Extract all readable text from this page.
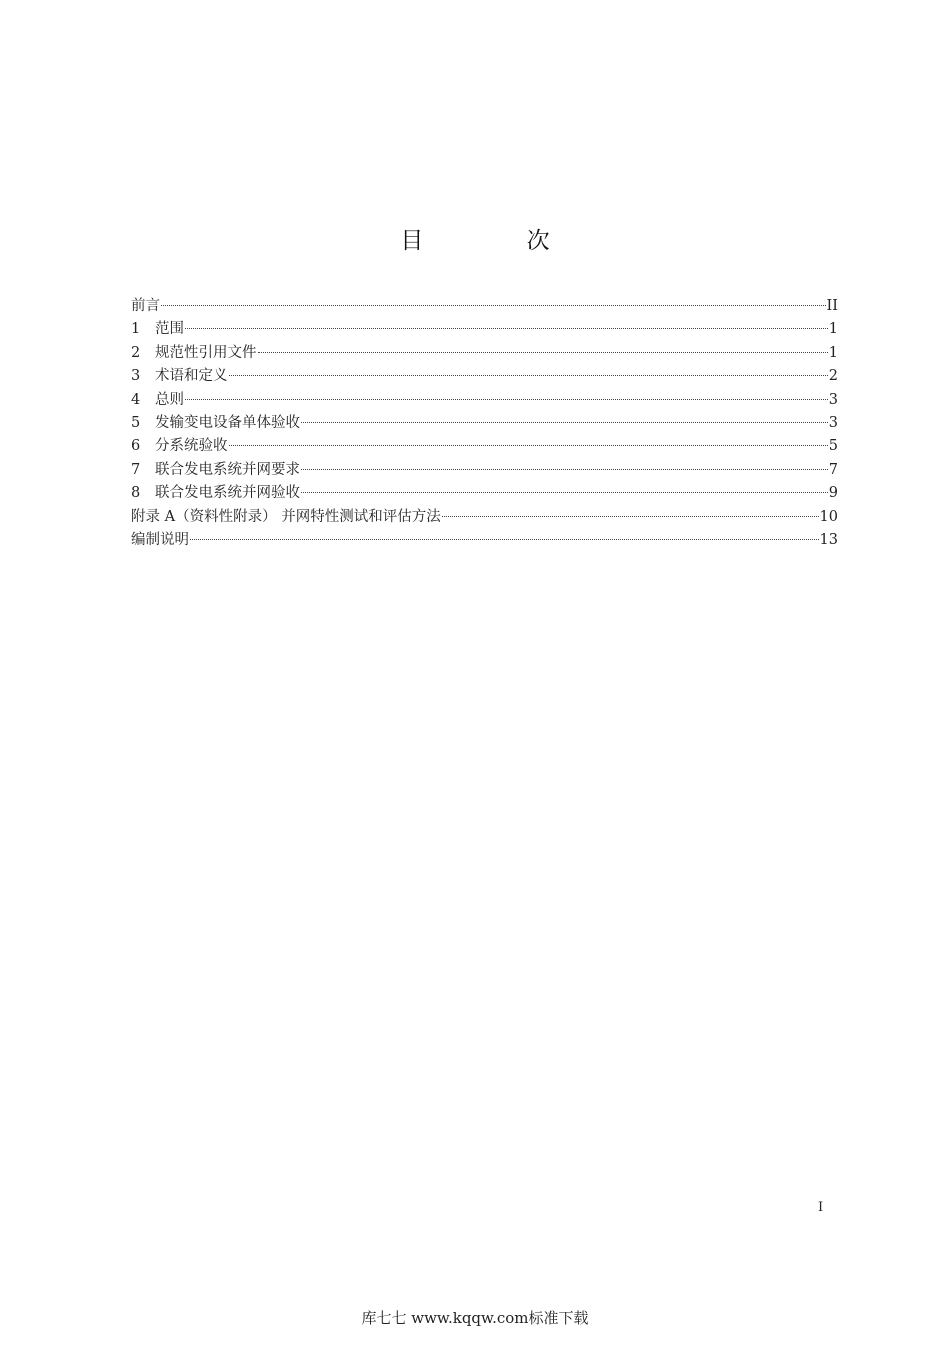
目 次
前言	II
1	范围	1
2	规范性引用文件	1
3	术语和定义	2
4	总则	3
5	发输变电设备单体验收	3
6	分系统验收	5
7	联合发电系统并网要求	7
8	联合发电系统并网验收	9
附录 A（资料性附录） 并网特性测试和评估方法	10
编制说明	13
I
库七七 www.kqqw.com标准下载
